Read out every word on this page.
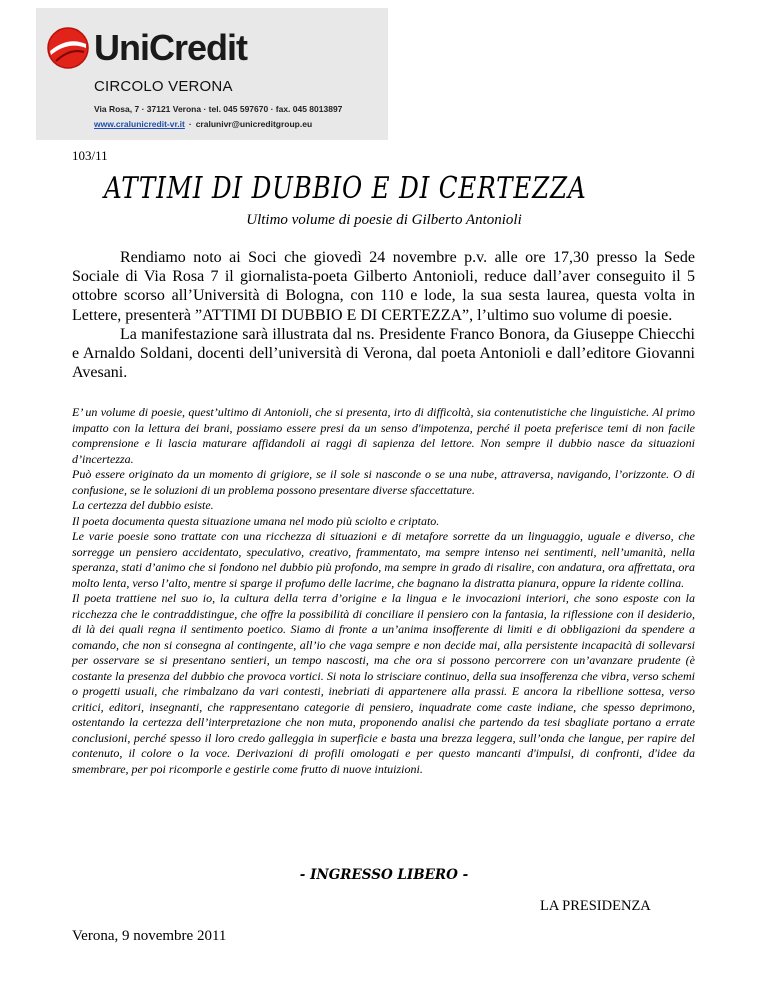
UniCredit
CIRCOLO VERONA
Via Rosa, 7 · 37121 Verona · tel. 045 597670 · fax. 045 8013897
www.cralunicredit-vr.it · cralunivr@unicreditgroup.eu
103/11
ATTIMI DI DUBBIO E DI CERTEZZA
Ultimo volume di poesie di Gilberto Antonioli

Rendiamo noto ai Soci che giovedì 24 novembre p.v. alle ore 17,30 presso la Sede Sociale di Via Rosa 7 il giornalista-poeta Gilberto Antonioli, reduce dall’aver conseguito il 5 ottobre scorso all’Università di Bologna, con 110 e lode, la sua sesta laurea, questa volta in Lettere, presenterà ”ATTIMI DI DUBBIO E DI CERTEZZA”, l’ultimo suo volume di poesie.

La manifestazione sarà illustrata dal ns. Presidente Franco Bonora, da Giuseppe Chiecchi e Arnaldo Soldani, docenti dell’università di Verona, dal poeta Antonioli e dall’editore Giovanni Avesani.

E’ un volume di poesie, quest’ultimo di Antonioli, che si presenta, irto di difficoltà, sia contenutistiche che linguistiche. Al primo impatto con la lettura dei brani, possiamo essere presi da un senso d'impotenza, perché il poeta preferisce temi di non facile comprensione e li lascia maturare affidandoli ai raggi di sapienza del lettore. Non sempre il dubbio nasce da situazioni d’incertezza.

Può essere originato da un momento di grigiore, se il sole si nasconde o se una nube, attraversa, navigando, l’orizzonte. O di confusione, se le soluzioni di un problema possono presentare diverse sfaccettature.

La certezza del dubbio esiste.

Il poeta documenta questa situazione umana nel modo più sciolto e criptato.

Le varie poesie sono trattate con una ricchezza di situazioni e di metafore sorrette da un linguaggio, uguale e diverso, che sorregge un pensiero accidentato, speculativo, creativo, frammentato, ma sempre intenso nei sentimenti, nell’umanità, nella speranza, stati d’animo che si fondono nel dubbio più profondo, ma sempre in grado di risalire, con andatura, ora affrettata, ora molto lenta, verso l’alto, mentre si sparge il profumo delle lacrime, che bagnano la distratta pianura, oppure la ridente collina.

Il poeta trattiene nel suo io, la cultura della terra d’origine e la lingua e le invocazioni interiori, che sono esposte con la ricchezza che le contraddistingue, che offre la possibilità di conciliare il pensiero con la fantasia, la riflessione con il desiderio, di là dei quali regna il sentimento poetico. Siamo di fronte a un’anima insofferente di limiti e di obbligazioni da spendere a comando, che non si consegna al contingente, all’io che vaga sempre e non decide mai, alla persistente incapacità di sollevarsi per osservare se si presentano sentieri, un tempo nascosti, ma che ora si possono percorrere con un’avanzare prudente (è costante la presenza del dubbio che provoca vortici. Si nota lo strisciare continuo, della sua insofferenza che vibra, verso schemi o progetti usuali, che rimbalzano da vari contesti, inebriati di appartenere alla prassi. E ancora la ribellione sottesa, verso critici, editori, insegnanti, che rappresentano categorie di pensiero, inquadrate come caste indiane, che spesso deprimono, ostentando la certezza dell’interpretazione che non muta, proponendo analisi che partendo da tesi sbagliate portano a errate conclusioni, perché spesso il loro credo galleggia in superficie e basta una brezza leggera, sull’onda che langue, per rapire del contenuto, il colore o la voce. Derivazioni di profili omologati e per questo mancanti d'impulsi, di confronti, d'idee da smembrare, per poi ricomporle e gestirle come frutto di nuove intuizioni.

- INGRESSO LIBERO -
LA PRESIDENZA
Verona, 9 novembre 2011
